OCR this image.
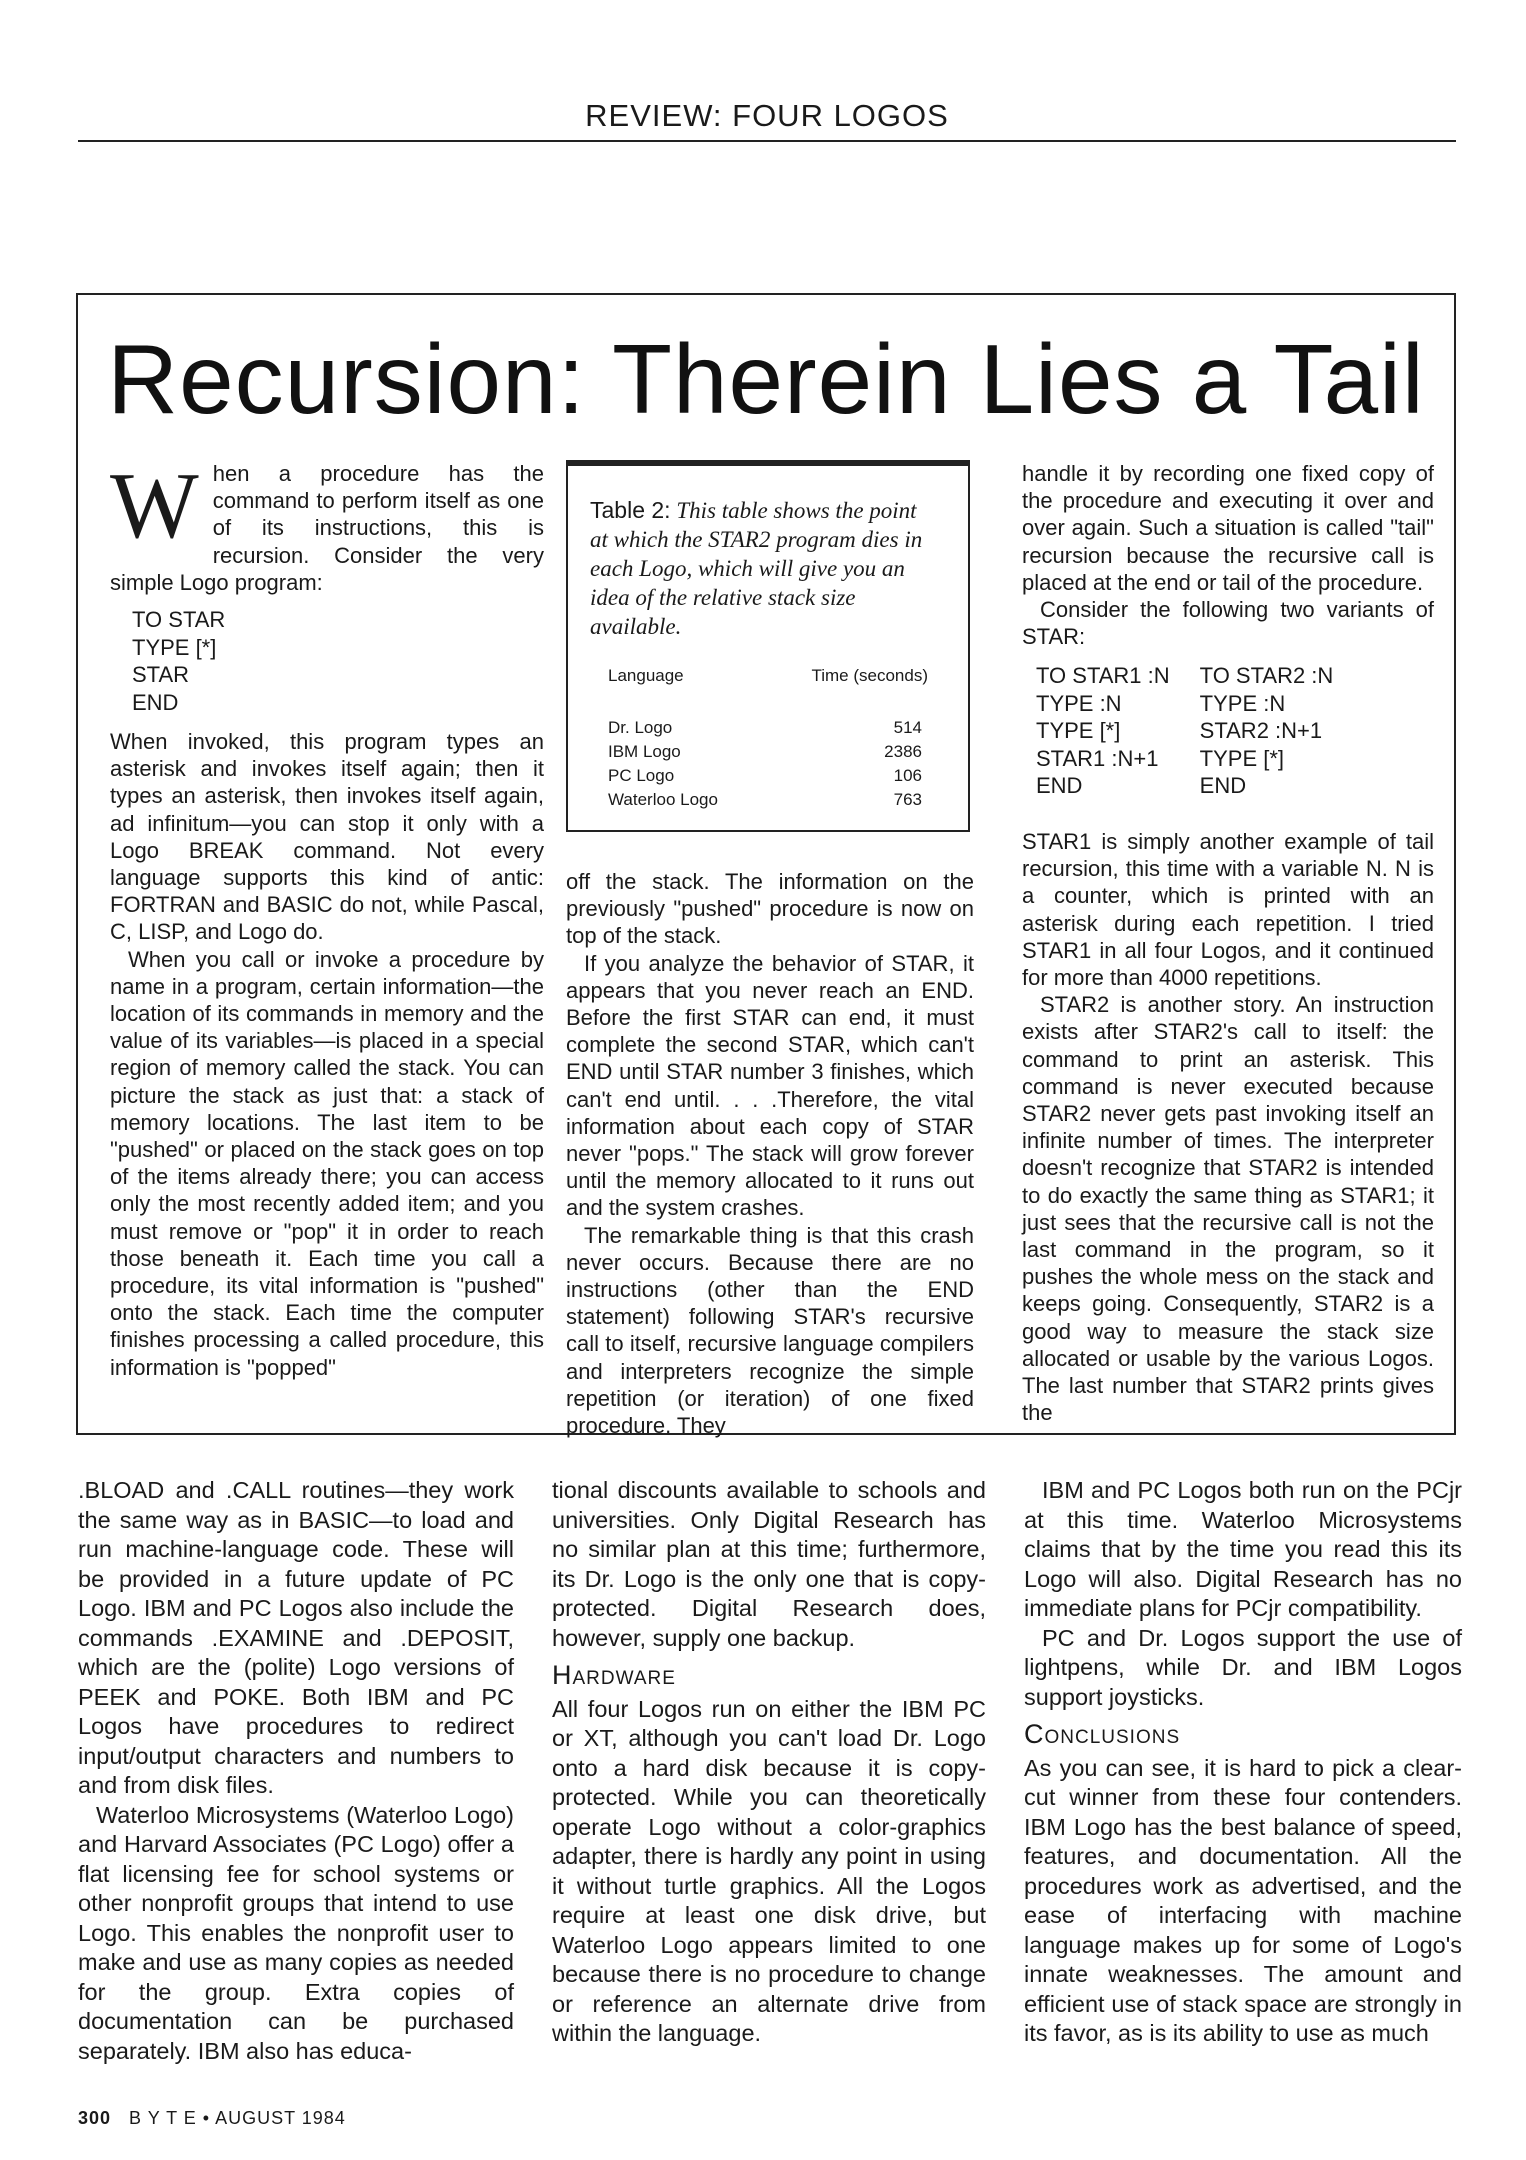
REVIEW: FOUR LOGOS
Recursion: Therein Lies a Tail

When a procedure has the command to perform itself as one of its instructions, this is recursion. Consider the very simple Logo program:

TO STAR
TYPE [*]
STAR
END

When invoked, this program types an asterisk and invokes itself again; then it types an asterisk, then invokes itself again, ad infinitum—you can stop it only with a Logo BREAK command. Not every language supports this kind of antic: FORTRAN and BASIC do not, while Pascal, C, LISP, and Logo do.

When you call or invoke a procedure by name in a program, certain information—the location of its commands in memory and the value of its variables—is placed in a special region of memory called the stack. You can picture the stack as just that: a stack of memory locations. The last item to be "pushed" or placed on the stack goes on top of the items already there; you can access only the most recently added item; and you must remove or "pop" it in order to reach those beneath it. Each time you call a procedure, its vital information is "pushed" onto the stack. Each time the computer finishes processing a called procedure, this information is "popped"

Table 2: This table shows the point at which the STAR2 program dies in each Logo, which will give you an idea of the relative stack size available.
Language	Time (seconds)
Dr. Logo	514
IBM Logo	2386
PC Logo	106
Waterloo Logo	763

off the stack. The information on the previously "pushed" procedure is now on top of the stack.

If you analyze the behavior of STAR, it appears that you never reach an END. Before the first STAR can end, it must complete the second STAR, which can't END until STAR number 3 finishes, which can't end until. . . .Therefore, the vital information about each copy of STAR never "pops." The stack will grow forever until the memory allocated to it runs out and the system crashes.

The remarkable thing is that this crash never occurs. Because there are no instructions (other than the END statement) following STAR's recursive call to itself, recursive language compilers and interpreters recognize the simple repetition (or iteration) of one fixed procedure. They

handle it by recording one fixed copy of the procedure and executing it over and over again. Such a situation is called "tail" recursion because the recursive call is placed at the end or tail of the procedure.

Consider the following two variants of STAR:

TO STAR1 :N
TYPE :N
TYPE [*]
STAR1 :N+1
END
TO STAR2 :N
TYPE :N
STAR2 :N+1
TYPE [*]
END

STAR1 is simply another example of tail recursion, this time with a variable N. N is a counter, which is printed with an asterisk during each repetition. I tried STAR1 in all four Logos, and it continued for more than 4000 repetitions.

STAR2 is another story. An instruction exists after STAR2's call to itself: the command to print an asterisk. This command is never executed because STAR2 never gets past invoking itself an infinite number of times. The interpreter doesn't recognize that STAR2 is intended to do exactly the same thing as STAR1; it just sees that the recursive call is not the last command in the program, so it pushes the whole mess on the stack and keeps going. Consequently, STAR2 is a good way to measure the stack size allocated or usable by the various Logos. The last number that STAR2 prints gives the

.BLOAD and .CALL routines—they work the same way as in BASIC—to load and run machine-language code. These will be provided in a future update of PC Logo. IBM and PC Logos also include the commands .EXAMINE and .DEPOSIT, which are the (polite) Logo versions of PEEK and POKE. Both IBM and PC Logos have procedures to redirect input/output characters and numbers to and from disk files.

Waterloo Microsystems (Waterloo Logo) and Harvard Associates (PC Logo) offer a flat licensing fee for school systems or other nonprofit groups that intend to use Logo. This enables the nonprofit user to make and use as many copies as needed for the group. Extra copies of documentation can be purchased separately. IBM also has educa-

tional discounts available to schools and universities. Only Digital Research has no similar plan at this time; furthermore, its Dr. Logo is the only one that is copy-protected. Digital Research does, however, supply one backup.

Hardware

All four Logos run on either the IBM PC or XT, although you can't load Dr. Logo onto a hard disk because it is copy-protected. While you can theoretically operate Logo without a color-graphics adapter, there is hardly any point in using it without turtle graphics. All the Logos require at least one disk drive, but Waterloo Logo appears limited to one because there is no procedure to change or reference an alternate drive from within the language.

IBM and PC Logos both run on the PCjr at this time. Waterloo Microsystems claims that by the time you read this its Logo will also. Digital Research has no immediate plans for PCjr compatibility.

PC and Dr. Logos support the use of lightpens, while Dr. and IBM Logos support joysticks.

Conclusions

As you can see, it is hard to pick a clear-cut winner from these four contenders. IBM Logo has the best balance of speed, features, and documentation. All the procedures work as advertised, and the ease of interfacing with machine language makes up for some of Logo's innate weaknesses. The amount and efficient use of stack space are strongly in its favor, as is its ability to use as much

300 B Y T E • AUGUST 1984
